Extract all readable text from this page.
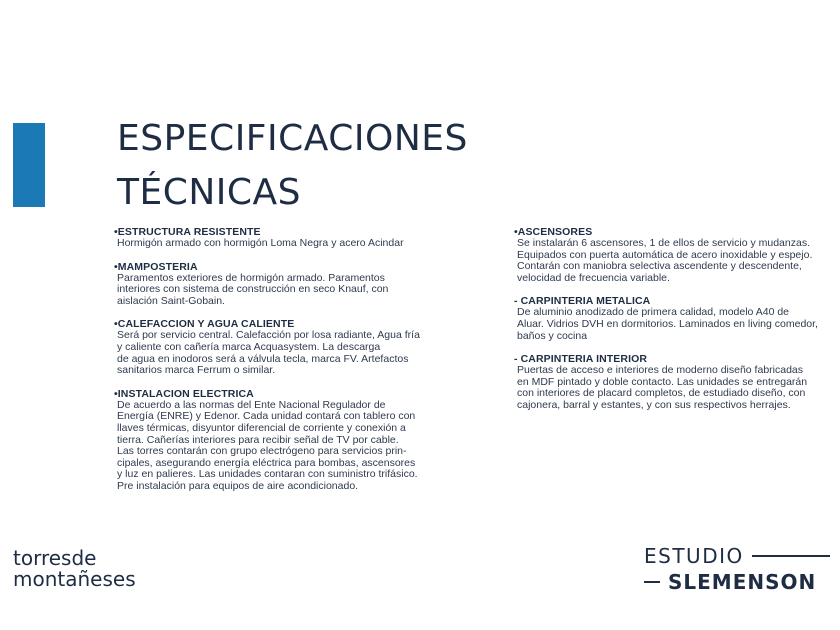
ESPECIFICACIONES
TÉCNICAS
•ESTRUCTURA RESISTENTE
Hormigón armado con hormigón Loma Negra y acero Acindar
•MAMPOSTERIA
Paramentos exteriores de hormigón armado. Paramentos
interiores con sistema de construcción en seco Knauf, con
aislación Saint-Gobain.
•CALEFACCION Y AGUA CALIENTE
Será por servicio central. Calefacción por losa radiante, Agua fría
y caliente con cañería marca Acquasystem. La descarga
de agua en inodoros será a válvula tecla, marca FV. Artefactos
sanitarios marca Ferrum o similar.
•INSTALACION ELECTRICA
De acuerdo a las normas del Ente Nacional Regulador de
Energía (ENRE) y Edenor. Cada unidad contará con tablero con
llaves térmicas, disyuntor diferencial de corriente y conexión a
tierra. Cañerías interiores para recibir señal de TV por cable.
Las torres contarán con grupo electrógeno para servicios prin-
cipales, asegurando energía eléctrica para bombas, ascensores
y luz en palieres. Las unidades contaran con suministro trifásico.
Pre instalación para equipos de aire acondicionado.
•ASCENSORES
Se instalarán 6 ascensores, 1 de ellos de servicio y mudanzas.
Equipados con puerta automática de acero inoxidable y espejo.
Contarán con maniobra selectiva ascendente y descendente,
velocidad de frecuencia variable.
- CARPINTERIA METALICA
De aluminio anodizado de primera calidad, modelo A40 de
Aluar. Vidrios DVH en dormitorios. Laminados en living comedor,
baños y cocina
- CARPINTERIA INTERIOR
Puertas de acceso e interiores de moderno diseño fabricadas
en MDF pintado y doble contacto. Las unidades se entregarán
con interiores de placard completos, de estudiado diseño, con
cajonera, barral y estantes, y con sus respectivos herrajes.
torresde
montañeses
ESTUDIO
SLEMENSON
